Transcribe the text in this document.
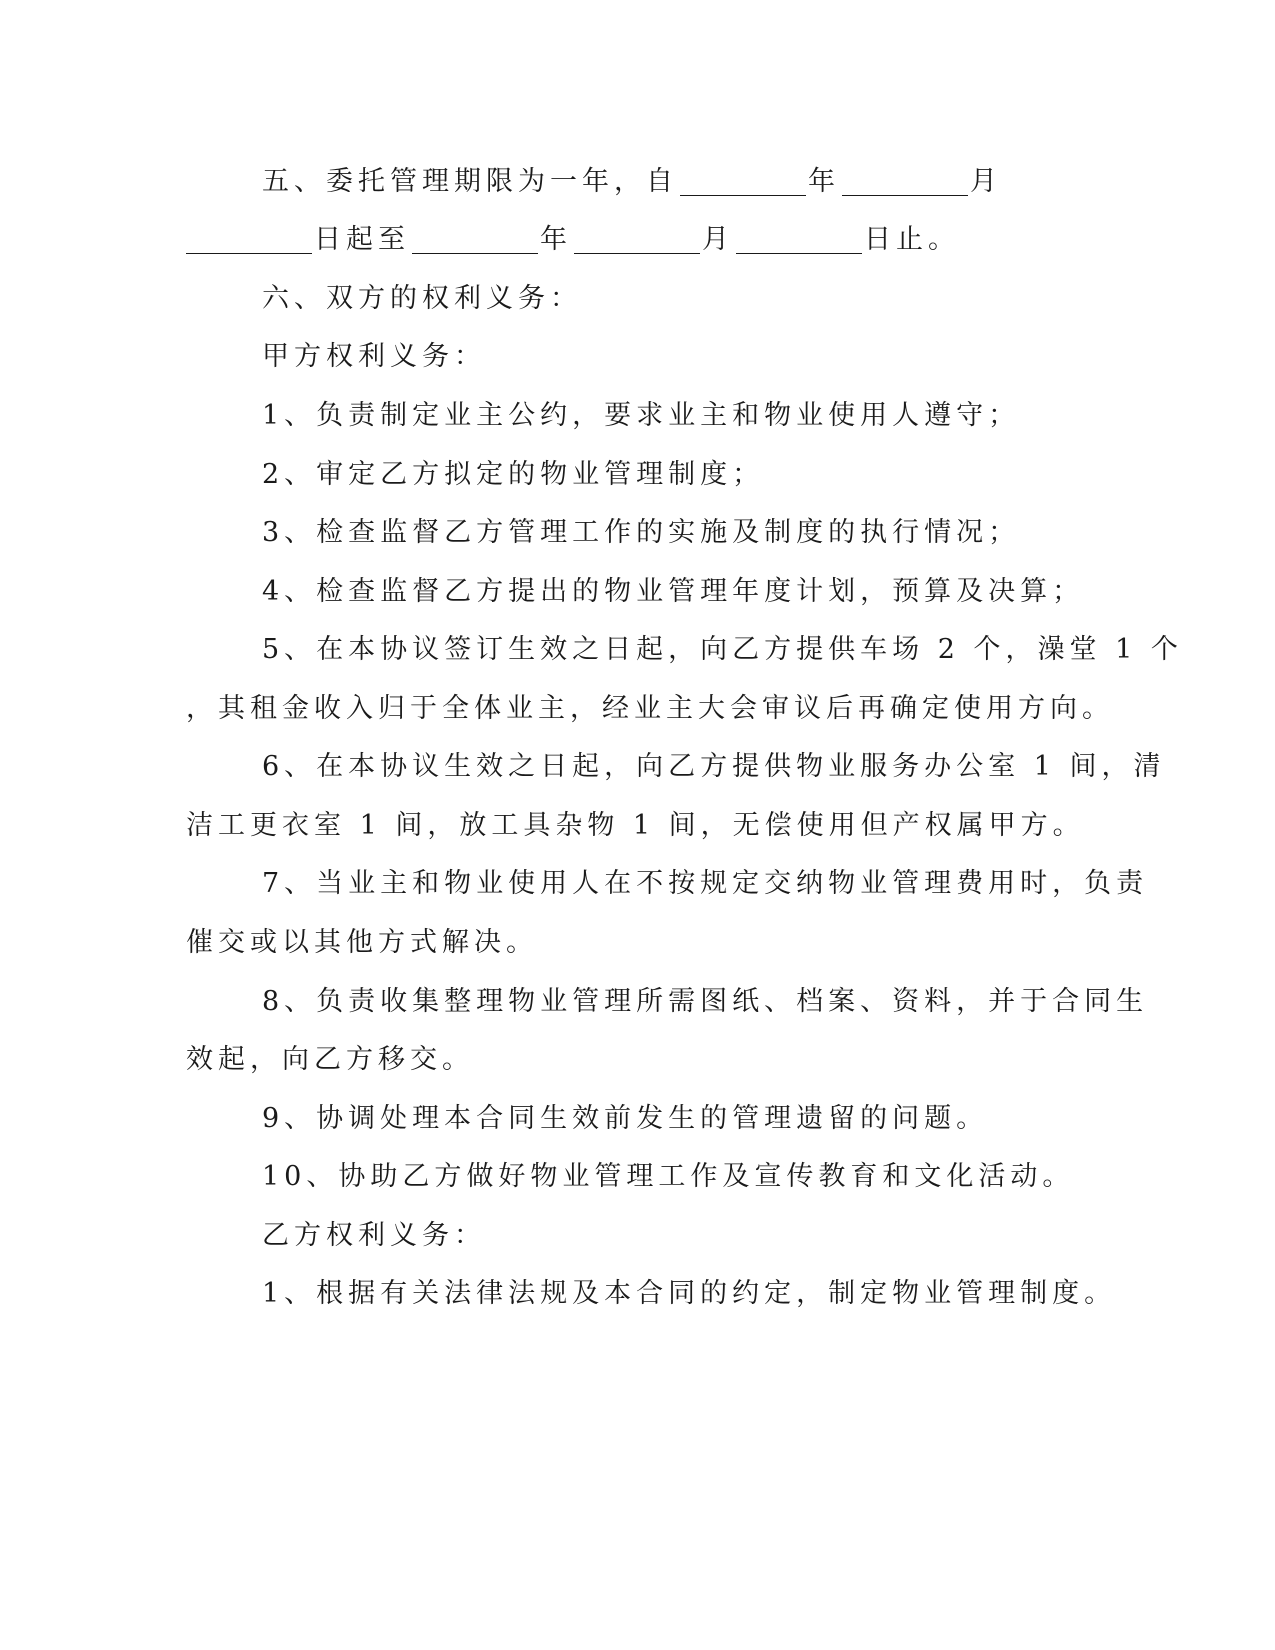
五、委托管理期限为一年，自	年	月
日起至	年	月	日止。
六、双方的权利义务：
甲方权利义务：
1、负责制定业主公约，要求业主和物业使用人遵守；
2、审定乙方拟定的物业管理制度；
3、检查监督乙方管理工作的实施及制度的执行情况；
4、检查监督乙方提出的物业管理年度计划，预算及决算；
5、在本协议签订生效之日起，向乙方提供车场 2 个，澡堂 1 个
，其租金收入归于全体业主，经业主大会审议后再确定使用方向。
6、在本协议生效之日起，向乙方提供物业服务办公室 1 间，清
洁工更衣室 1 间，放工具杂物 1 间，无偿使用但产权属甲方。
7、当业主和物业使用人在不按规定交纳物业管理费用时，负责
催交或以其他方式解决。
8、负责收集整理物业管理所需图纸、档案、资料，并于合同生
效起，向乙方移交。
9、协调处理本合同生效前发生的管理遗留的问题。
10、协助乙方做好物业管理工作及宣传教育和文化活动。
乙方权利义务：
1、根据有关法律法规及本合同的约定，制定物业管理制度。
